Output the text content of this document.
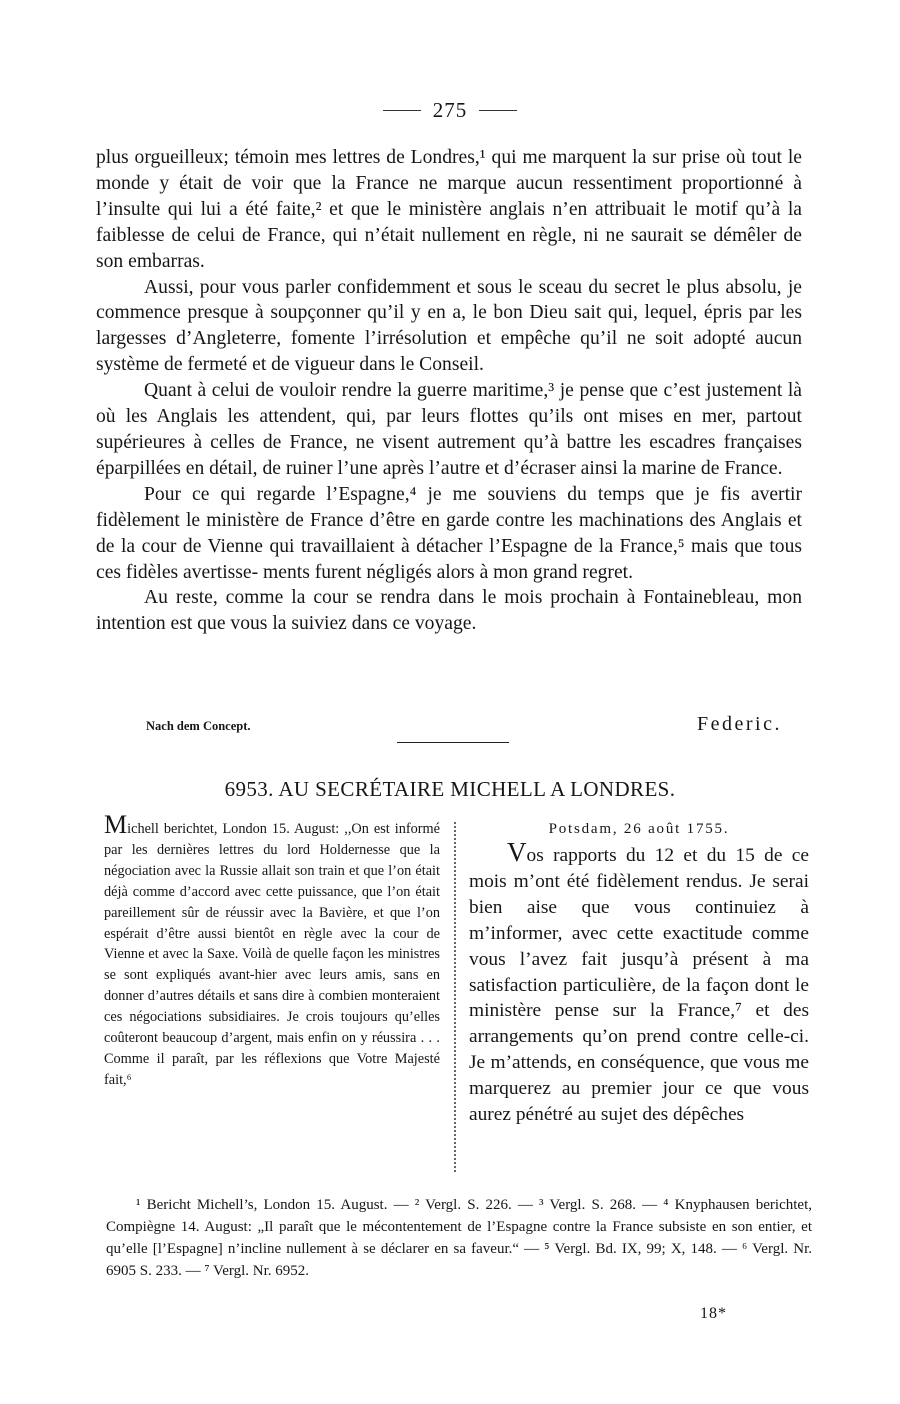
275

plus orgueilleux; témoin mes lettres de Londres,¹ qui me marquent la sur prise où tout le monde y était de voir que la France ne marque aucun ressentiment proportionné à l’insulte qui lui a été faite,² et que le ministère anglais n’en attribuait le motif qu’à la faiblesse de celui de France, qui n’était nullement en règle, ni ne saurait se démêler de son embarras.

Aussi, pour vous parler confidemment et sous le sceau du secret le plus absolu, je commence presque à soupçonner qu’il y en a, le bon Dieu sait qui, lequel, épris par les largesses d’Angleterre, fomente l’irrésolution et empêche qu’il ne soit adopté aucun système de fermeté et de vigueur dans le Conseil.

Quant à celui de vouloir rendre la guerre maritime,³ je pense que c’est justement là où les Anglais les attendent, qui, par leurs flottes qu’ils ont mises en mer, partout supérieures à celles de France, ne visent autrement qu’à battre les escadres françaises éparpillées en détail, de ruiner l’une après l’autre et d’écraser ainsi la marine de France.

Pour ce qui regarde l’Espagne,⁴ je me souviens du temps que je fis avertir fidèlement le ministère de France d’être en garde contre les machinations des Anglais et de la cour de Vienne qui travaillaient à détacher l’Espagne de la France,⁵ mais que tous ces fidèles avertisse- ments furent négligés alors à mon grand regret.

Au reste, comme la cour se rendra dans le mois prochain à Fontainebleau, mon intention est que vous la suiviez dans ce voyage.

Nach dem Concept.	Federic.
6953. AU SECRÉTAIRE MICHELL A LONDRES.
Michell berichtet, London 15. August: ,,On est informé par les dernières lettres du lord Holdernesse que la négociation avec la Russie allait son train et que l’on était déjà comme d’accord avec cette puissance, que l’on était pareillement sûr de réussir avec la Bavière, et que l’on espérait d’être aussi bientôt en règle avec la cour de Vienne et avec la Saxe. Voilà de quelle façon les ministres se sont expliqués avant-hier avec leurs amis, sans en donner d’autres détails et sans dire à combien monteraient ces négociations subsidiaires. Je crois toujours qu’elles coûteront beaucoup d’argent, mais enfin on y réussira . . . Comme il paraît, par les réflexions que Votre Majesté fait,⁶
Potsdam, 26 août 1755.

Vos rapports du 12 et du 15 de ce mois m’ont été fidèlement rendus. Je serai bien aise que vous continuiez à m’informer, avec cette exactitude comme vous l’avez fait jusqu’à présent à ma satisfaction particulière, de la façon dont le ministère pense sur la France,⁷ et des arrangements qu’on prend contre celle-ci. Je m’attends, en conséquence, que vous me marquerez au premier jour ce que vous aurez pénétré au sujet des dépêches

¹ Bericht Michell’s, London 15. August. — ² Vergl. S. 226. — ³ Vergl. S. 268. — ⁴ Knyphausen berichtet, Compiègne 14. August: „Il paraît que le mécontentement de l’Espagne contre la France subsiste en son entier, et qu’elle [l’Espagne] n’incline nullement à se déclarer en sa faveur.“ — ⁵ Vergl. Bd. IX, 99; X, 148. — ⁶ Vergl. Nr. 6905 S. 233. — ⁷ Vergl. Nr. 6952.

18*
